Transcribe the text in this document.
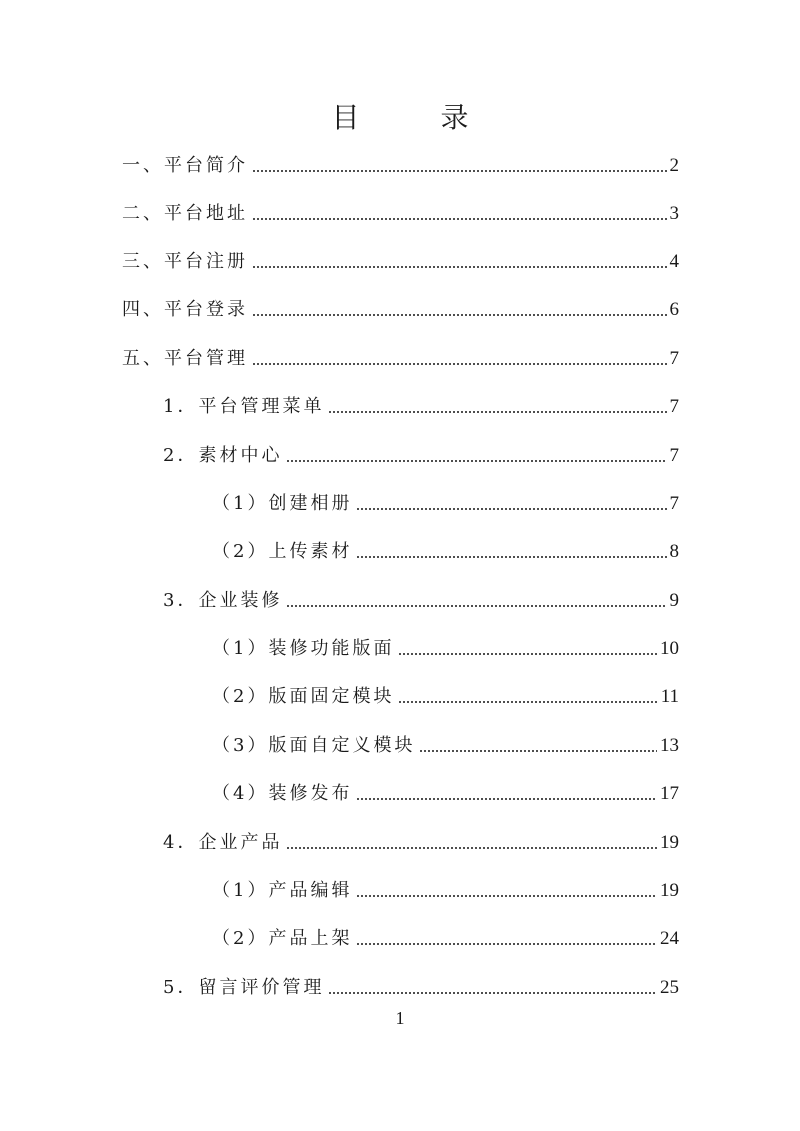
目 录
一、平台简介	2
二、平台地址	3
三、平台注册	4
四、平台登录	6
五、平台管理	7
1．平台管理菜单	7
2．素材中心	7
（1）创建相册	7
（2）上传素材	8
3．企业装修	9
（1）装修功能版面	10
（2）版面固定模块	11
（3）版面自定义模块	13
（4）装修发布	17
4．企业产品	19
（1）产品编辑	19
（2）产品上架	24
5．留言评价管理	25
1
